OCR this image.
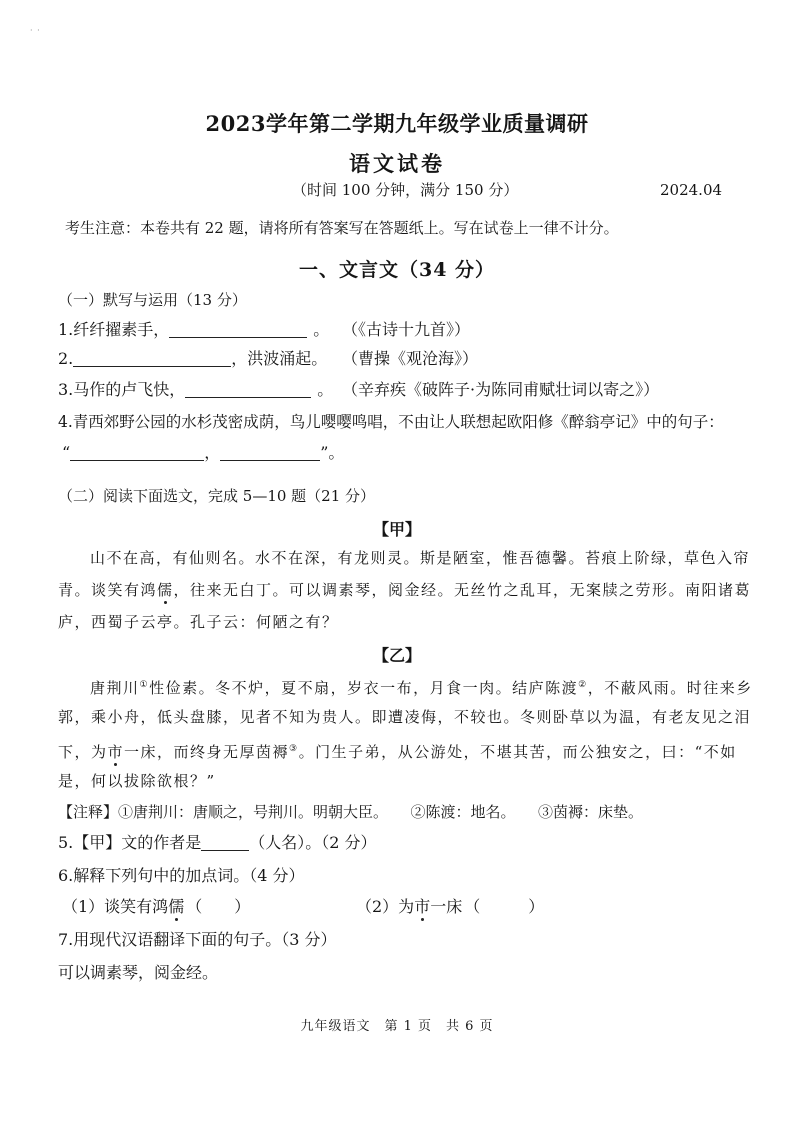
· ·
2023学年第二学期九年级学业质量调研
语文试卷
（时间 100 分钟，满分 150 分）	2024.04
考生注意：本卷共有 22 题，请将所有答案写在答题纸上。写在试卷上一律不计分。
一、文言文（34 分）
（一）默写与运用（13 分）
1.纤纤擢素手，	。 （《古诗十九首》）
2.	，洪波涌起。 （曹操《观沧海》）
3.马作的卢飞快，	。 （辛弃疾《破阵子·为陈同甫赋壮词以寄之》）
4.青西郊野公园的水杉茂密成荫，鸟儿嘤嘤鸣唱，不由让人联想起欧阳修《醉翁亭记》中的句子：
“	，	”。
（二）阅读下面选文，完成 5—10 题（21 分）
【甲】
山不在高，有仙则名。水不在深，有龙则灵。斯是陋室，惟吾德馨。苔痕上阶绿，草色入帘
青。谈笑有鸿儒，往来无白丁。可以调素琴，阅金经。无丝竹之乱耳，无案牍之劳形。南阳诸葛
庐，西蜀子云亭。孔子云：何陋之有？
【乙】
唐荆川①性俭素。冬不炉，夏不扇，岁衣一布，月食一肉。结庐陈渡②，不蔽风雨。时往来乡
郭，乘小舟，低头盘膝，见者不知为贵人。即遭凌侮，不较也。冬则卧草以为温，有老友见之泪
下，为市一床，而终身无厚茵褥③。门生子弟，从公游处，不堪其苦，而公独安之，曰：“不如
是，何以拔除欲根？”
【注释】①唐荆川：唐顺之，号荆川。明朝大臣。　　②陈渡：地名。　　③茵褥：床垫。
5.【甲】文的作者是	（人名）。（2 分）
6.解释下列句中的加点词。（4 分）
（1）谈笑有鸿儒 （　　）	（2）为市一床 （　　　）
7.用现代汉语翻译下面的句子。（3 分）
可以调素琴，阅金经。
九年级语文　第 1 页　共 6 页
